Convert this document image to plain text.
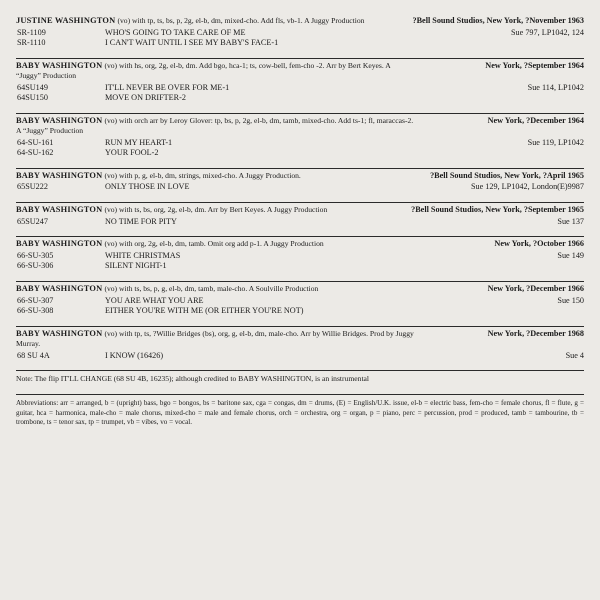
JUSTINE WASHINGTON (vo) with tp, ts, bs, p, 2g, el-b, dm, mixed-cho. Add fls, vb-1. A Juggy Production	?Bell Sound Studios, New York, ?November 1963
SR-1109	WHO'S GOING TO TAKE CARE OF ME	Sue 797, LP1042, 124
SR-1110	I CAN'T WAIT UNTIL I SEE MY BABY'S FACE-1	
BABY WASHINGTON (vo) with hs, org, 2g, el-b, dm. Add bgo, hca-1; ts, cow-bell, fem-cho -2. Arr by Bert Keyes. A “Juggy” Production
New York, ?September 1964
64SU149	IT'LL NEVER BE OVER FOR ME-1	Sue 114, LP1042
64SU150	MOVE ON DRIFTER-2	
BABY WASHINGTON (vo) with orch arr by Leroy Glover: tp, bs, p, 2g, el-b, dm, tamb, mixed-cho. Add ts-1; fl, maraccas-2. A “Juggy” Production
New York, ?December 1964
64-SU-161	RUN MY HEART-1	Sue 119, LP1042
64-SU-162	YOUR FOOL-2	
BABY WASHINGTON (vo) with p, g, el-b, dm, strings, mixed-cho. A Juggy Production.	?Bell Sound Studios, New York, ?April 1965
65SU222	ONLY THOSE IN LOVE	Sue 129, LP1042, London(E)9987
BABY WASHINGTON (vo) with ts, bs, org, 2g, el-b, dm. Arr by Bert Keyes. A Juggy Production	?Bell Sound Studios, New York, ?September 1965
65SU247	NO TIME FOR PITY	Sue 137
BABY WASHINGTON (vo) with org, 2g, el-b, dm, tamb. Omit org add p-1. A Juggy Production	New York, ?October 1966
66-SU-305	WHITE CHRISTMAS	Sue 149
66-SU-306	SILENT NIGHT-1	
BABY WASHINGTON (vo) with ts, bs, p, g, el-b, dm, tamb, male-cho. A Soulville Production	New York, ?December 1966
66-SU-307	YOU ARE WHAT YOU ARE	Sue 150
66-SU-308	EITHER YOU'RE WITH ME (OR EITHER YOU'RE NOT)	
BABY WASHINGTON (vo) with tp, ts, ?Willie Bridges (bs), org, g, el-b, dm, male-cho. Arr by Willie Bridges. Prod by Juggy Murray.
New York, ?December 1968
68 SU 4A	I KNOW (16426)	Sue 4
Note: The flip IT'LL CHANGE (68 SU 4B, 16235); although credited to BABY WASHINGTON, is an instrumental
Abbreviations: arr = arranged, b = (upright) bass, bgo = bongos, bs = baritone sax, cga = congas, dm = drums, (E) = English/U.K. issue, el-b = electric bass, fem-cho = female chorus, fl = flute, g = guitar, hca = harmonica, male-cho = male chorus, mixed-cho = male and female chorus, orch = orchestra, org = organ, p = piano, perc = percussion, prod = produced, tamb = tambourine, tb = trombone, ts = tenor sax, tp = trumpet, vb = vibes, vo = vocal.
